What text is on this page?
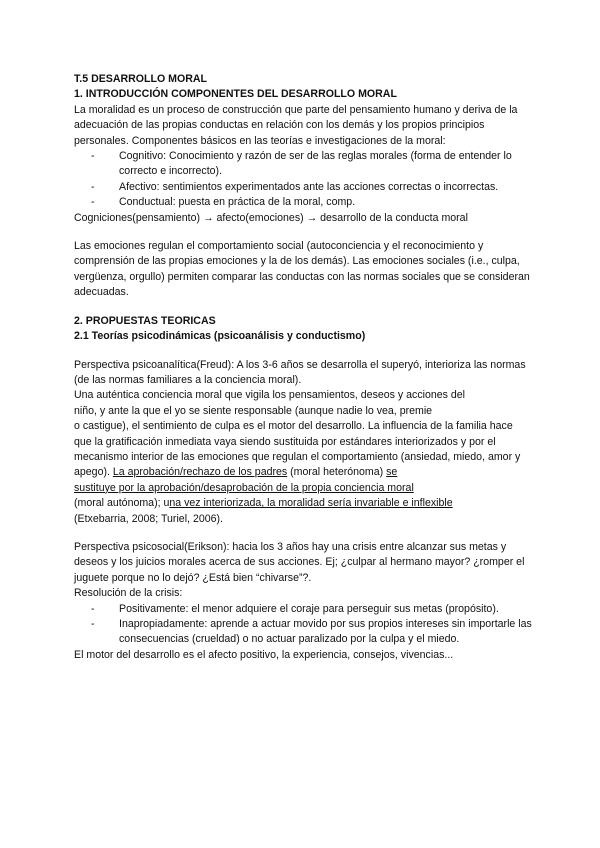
T.5 DESARROLLO MORAL
1. INTRODUCCIÓN COMPONENTES DEL DESARROLLO MORAL
La moralidad es un proceso de construcción que parte del pensamiento humano y deriva de la
adecuación de las propias conductas en relación con los demás y los propios principios
personales. Componentes básicos en las teorías e investigaciones de la moral:
-	Cognitivo: Conocimiento y razón de ser de las reglas morales (forma de entender lo
correcto e incorrecto).
-	Afectivo: sentimientos experimentados ante las acciones correctas o incorrectas.
-	Conductual: puesta en práctica de la moral, comp.
Cogniciones(pensamiento) → afecto(emociones) → desarrollo de la conducta moral
Las emociones regulan el comportamiento social (autoconciencia y el reconocimiento y
comprensión de las propias emociones y la de los demás). Las emociones sociales (i.e., culpa,
vergüenza, orgullo) permiten comparar las conductas con las normas sociales que se consideran
adecuadas.
2. PROPUESTAS TEORICAS
2.1 Teorías psicodinámicas (psicoanálisis y conductismo)
Perspectiva psicoanalítica(Freud): A los 3-6 años se desarrolla el superyó, interioriza las normas
(de las normas familiares a la conciencia moral).
Una auténtica conciencia moral que vigila los pensamientos, deseos y acciones del
niño, y ante la que el yo se siente responsable (aunque nadie lo vea, premie
o castigue), el sentimiento de culpa es el motor del desarrollo. La influencia de la familia hace
que la gratificación inmediata vaya siendo sustituida por estándares interiorizados y por el
mecanismo interior de las emociones que regulan el comportamiento (ansiedad, miedo, amor y
apego). La aprobación/rechazo de los padres (moral heterónoma) se
sustituye por la aprobación/desaprobación de la propia conciencia moral
(moral autónoma); una vez interiorizada, la moralidad sería invariable e inflexible
(Etxebarria, 2008; Turiel, 2006).
Perspectiva psicosocial(Erikson): hacia los 3 años hay una crisis entre alcanzar sus metas y
deseos y los juicios morales acerca de sus acciones. Ej; ¿culpar al hermano mayor? ¿romper el
juguete porque no lo dejó? ¿Está bien “chivarse”?.
Resolución de la crisis:
-	Positivamente: el menor adquiere el coraje para perseguir sus metas (propósito).
-	Inapropiadamente: aprende a actuar movido por sus propios intereses sin importarle las
consecuencias (crueldad) o no actuar paralizado por la culpa y el miedo.
El motor del desarrollo es el afecto positivo, la experiencia, consejos, vivencias...
